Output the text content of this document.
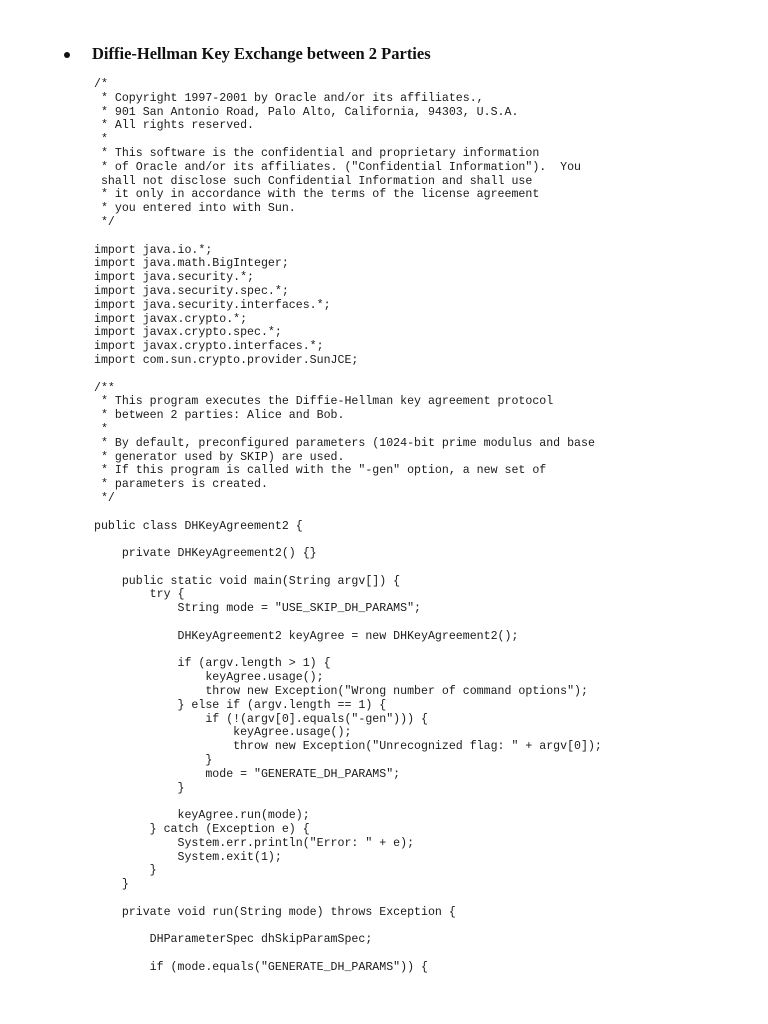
Diffie-Hellman Key Exchange between 2 Parties
/*
* Copyright 1997-2001 by Oracle and/or its affiliates.,
* 901 San Antonio Road, Palo Alto, California, 94303, U.S.A.
* All rights reserved.
*
* This software is the confidential and proprietary information
* of Oracle and/or its affiliates. ("Confidential Information").  You
shall not disclose such Confidential Information and shall use
* it only in accordance with the terms of the license agreement
* you entered into with Sun.
*/
import java.io.*;
import java.math.BigInteger;
import java.security.*;
import java.security.spec.*;
import java.security.interfaces.*;
import javax.crypto.*;
import javax.crypto.spec.*;
import javax.crypto.interfaces.*;
import com.sun.crypto.provider.SunJCE;
/**
* This program executes the Diffie-Hellman key agreement protocol
* between 2 parties: Alice and Bob.
*
* By default, preconfigured parameters (1024-bit prime modulus and base
* generator used by SKIP) are used.
* If this program is called with the "-gen" option, a new set of
* parameters is created.
*/
public class DHKeyAgreement2 {
private DHKeyAgreement2() {}
public static void main(String argv[]) {
try {
String mode = "USE_SKIP_DH_PARAMS";
DHKeyAgreement2 keyAgree = new DHKeyAgreement2();
if (argv.length > 1) {
keyAgree.usage();
throw new Exception("Wrong number of command options");
} else if (argv.length == 1) {
if (!(argv[0].equals("-gen"))) {
keyAgree.usage();
throw new Exception("Unrecognized flag: " + argv[0]);
}
mode = "GENERATE_DH_PARAMS";
}
keyAgree.run(mode);
} catch (Exception e) {
System.err.println("Error: " + e);
System.exit(1);
}
}
private void run(String mode) throws Exception {
DHParameterSpec dhSkipParamSpec;
if (mode.equals("GENERATE_DH_PARAMS")) {
